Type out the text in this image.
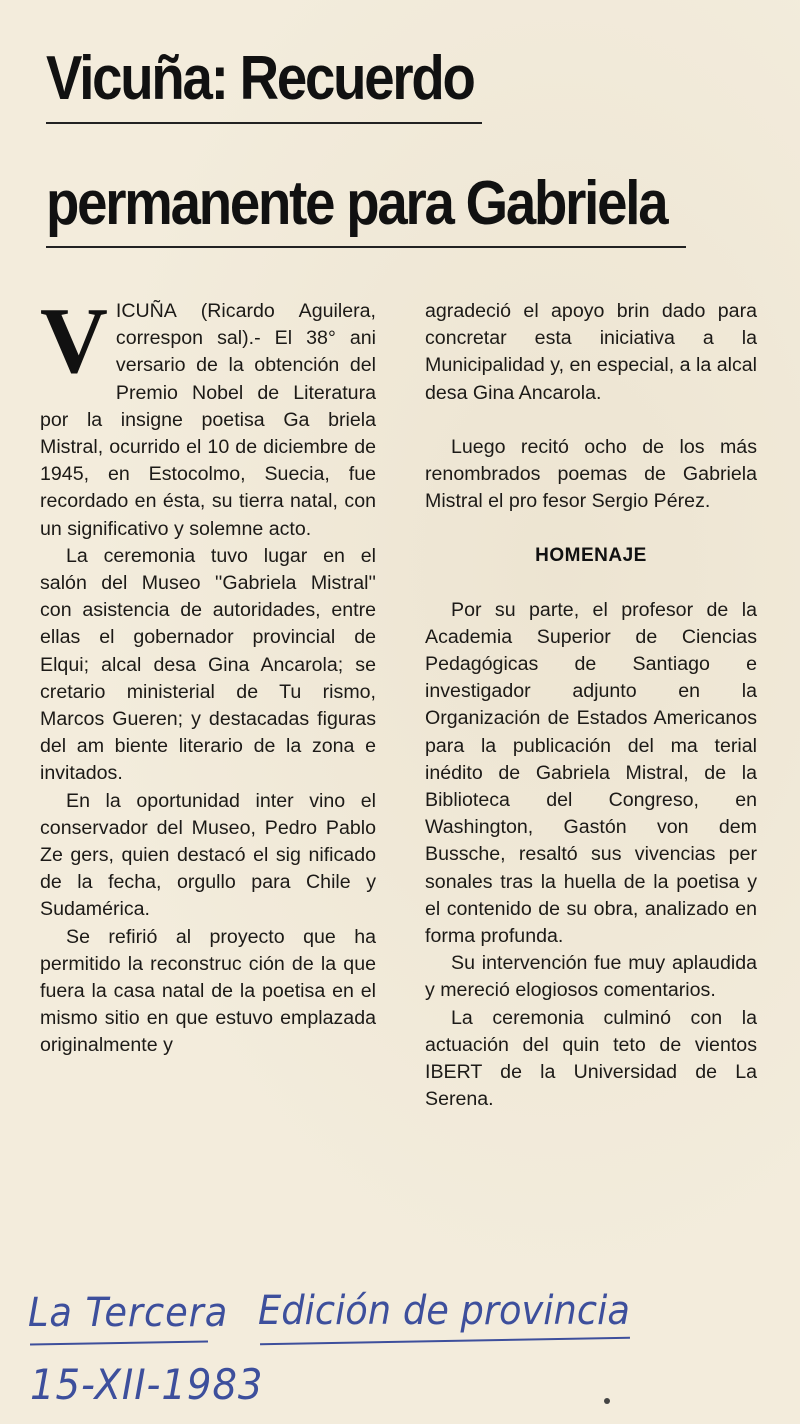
Vicuña: Recuerdo
permanente para Gabriela

VICUÑA (Ricardo Aguilera, correspon sal).- El 38° ani versario de la obtención del Premio Nobel de Literatura por la insigne poetisa Ga briela Mistral, ocurrido el 10 de diciembre de 1945, en Estocolmo, Suecia, fue recordado en ésta, su tierra natal, con un significativo y solemne acto.

La ceremonia tuvo lugar en el salón del Museo ''Gabriela Mistral'' con asistencia de autoridades, entre ellas el gobernador provincial de Elqui; alcal desa Gina Ancarola; se cretario ministerial de Tu rismo, Marcos Gueren; y destacadas figuras del am biente literario de la zona e invitados.

En la oportunidad inter vino el conservador del Museo, Pedro Pablo Ze gers, quien destacó el sig nificado de la fecha, orgullo para Chile y Sudamérica.

Se refirió al proyecto que ha permitido la reconstruc ción de la que fuera la casa natal de la poetisa en el mismo sitio en que estuvo emplazada originalmente y

agradeció el apoyo brin dado para concretar esta iniciativa a la Municipalidad y, en especial, a la alcal desa Gina Ancarola.

Luego recitó ocho de los más renombrados poemas de Gabriela Mistral el pro fesor Sergio Pérez.

HOMENAJE

Por su parte, el profesor de la Academia Superior de Ciencias Pedagógicas de Santiago e investigador adjunto en la Organización de Estados Americanos para la publicación del ma terial inédito de Gabriela Mistral, de la Biblioteca del Congreso, en Washington, Gastón von dem Bussche, resaltó sus vivencias per sonales tras la huella de la poetisa y el contenido de su obra, analizado en forma profunda.

Su intervención fue muy aplaudida y mereció elogiosos comentarios.

La ceremonia culminó con la actuación del quin teto de vientos IBERT de la Universidad de La Serena.

La Tercera Edición de provincia
15-XII-1983
